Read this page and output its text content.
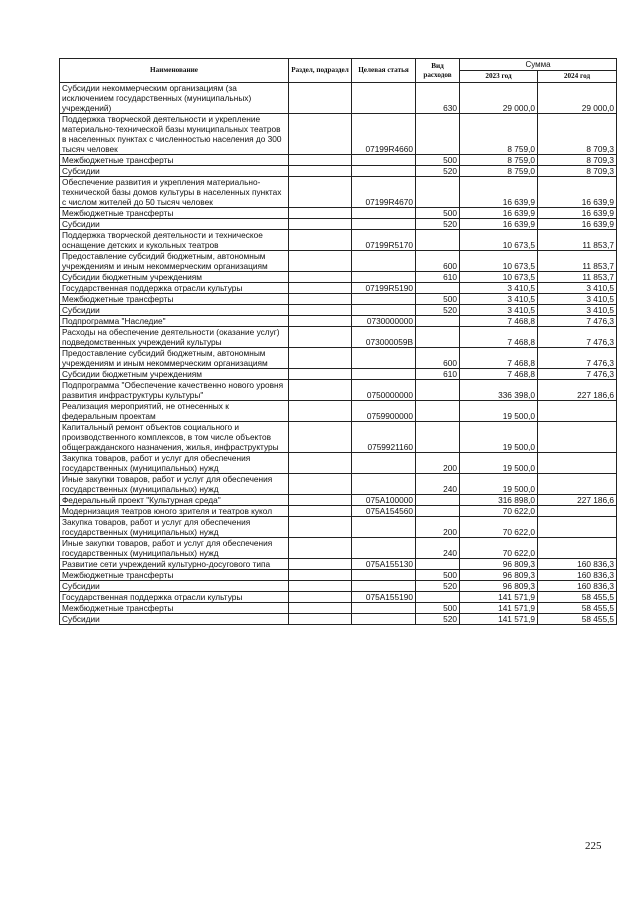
Наименование	Раздел, подраздел	Целевая статья	Вид расходов	Сумма	
				2023 год	2024 год
Субсидии некоммерческим организациям (за исключением государственных (муниципальных) учреждений)			630	29 000,0	29 000,0
Поддержка творческой деятельности и укрепление материально-технической базы муниципальных театров в населенных пунктах с численностью населения до 300 тысяч человек		07199R4660		8 759,0	8 709,3
Межбюджетные трансферты			500	8 759,0	8 709,3
Субсидии			520	8 759,0	8 709,3
Обеспечение развития и укрепления материально-технической базы домов культуры в населенных пунктах с числом жителей до 50 тысяч человек		07199R4670		16 639,9	16 639,9
Межбюджетные трансферты			500	16 639,9	16 639,9
Субсидии			520	16 639,9	16 639,9
Поддержка творческой деятельности и техническое оснащение детских и кукольных театров		07199R5170		10 673,5	11 853,7
Предоставление субсидий бюджетным, автономным учреждениям и иным некоммерческим организациям			600	10 673,5	11 853,7
Субсидии бюджетным учреждениям			610	10 673,5	11 853,7
Государственная поддержка отрасли культуры		07199R5190		3 410,5	3 410,5
Межбюджетные трансферты			500	3 410,5	3 410,5
Субсидии			520	3 410,5	3 410,5
Подпрограмма "Наследие"		0730000000		7 468,8	7 476,3
Расходы на обеспечение деятельности (оказание услуг) подведомственных учреждений культуры		073000059В		7 468,8	7 476,3
Предоставление субсидий бюджетным, автономным учреждениям и иным некоммерческим организациям			600	7 468,8	7 476,3
Субсидии бюджетным учреждениям			610	7 468,8	7 476,3
Подпрограмма "Обеспечение качественно нового уровня развития инфраструктуры культуры"		0750000000		336 398,0	227 186,6
Реализация мероприятий, не отнесенных к федеральным проектам		0759900000		19 500,0	
Капитальный ремонт объектов социального и производственного комплексов, в том числе объектов общегражданского назначения, жилья, инфраструктуры		0759921160		19 500,0	
Закупка товаров, работ и услуг для обеспечения государственных (муниципальных) нужд			200	19 500,0	
Иные закупки товаров, работ и услуг для обеспечения государственных (муниципальных) нужд			240	19 500,0	
Федеральный проект "Культурная среда"		075А100000		316 898,0	227 186,6
Модернизация театров юного зрителя и театров кукол		075А154560		70 622,0	
Закупка товаров, работ и услуг для обеспечения государственных (муниципальных) нужд			200	70 622,0	
Иные закупки товаров, работ и услуг для обеспечения государственных (муниципальных) нужд			240	70 622,0	
Развитие сети учреждений культурно-досугового типа		075А155130		96 809,3	160 836,3
Межбюджетные трансферты			500	96 809,3	160 836,3
Субсидии			520	96 809,3	160 836,3
Государственная поддержка отрасли культуры		075А155190		141 571,9	58 455,5
Межбюджетные трансферты			500	141 571,9	58 455,5
Субсидии			520	141 571,9	58 455,5
225
